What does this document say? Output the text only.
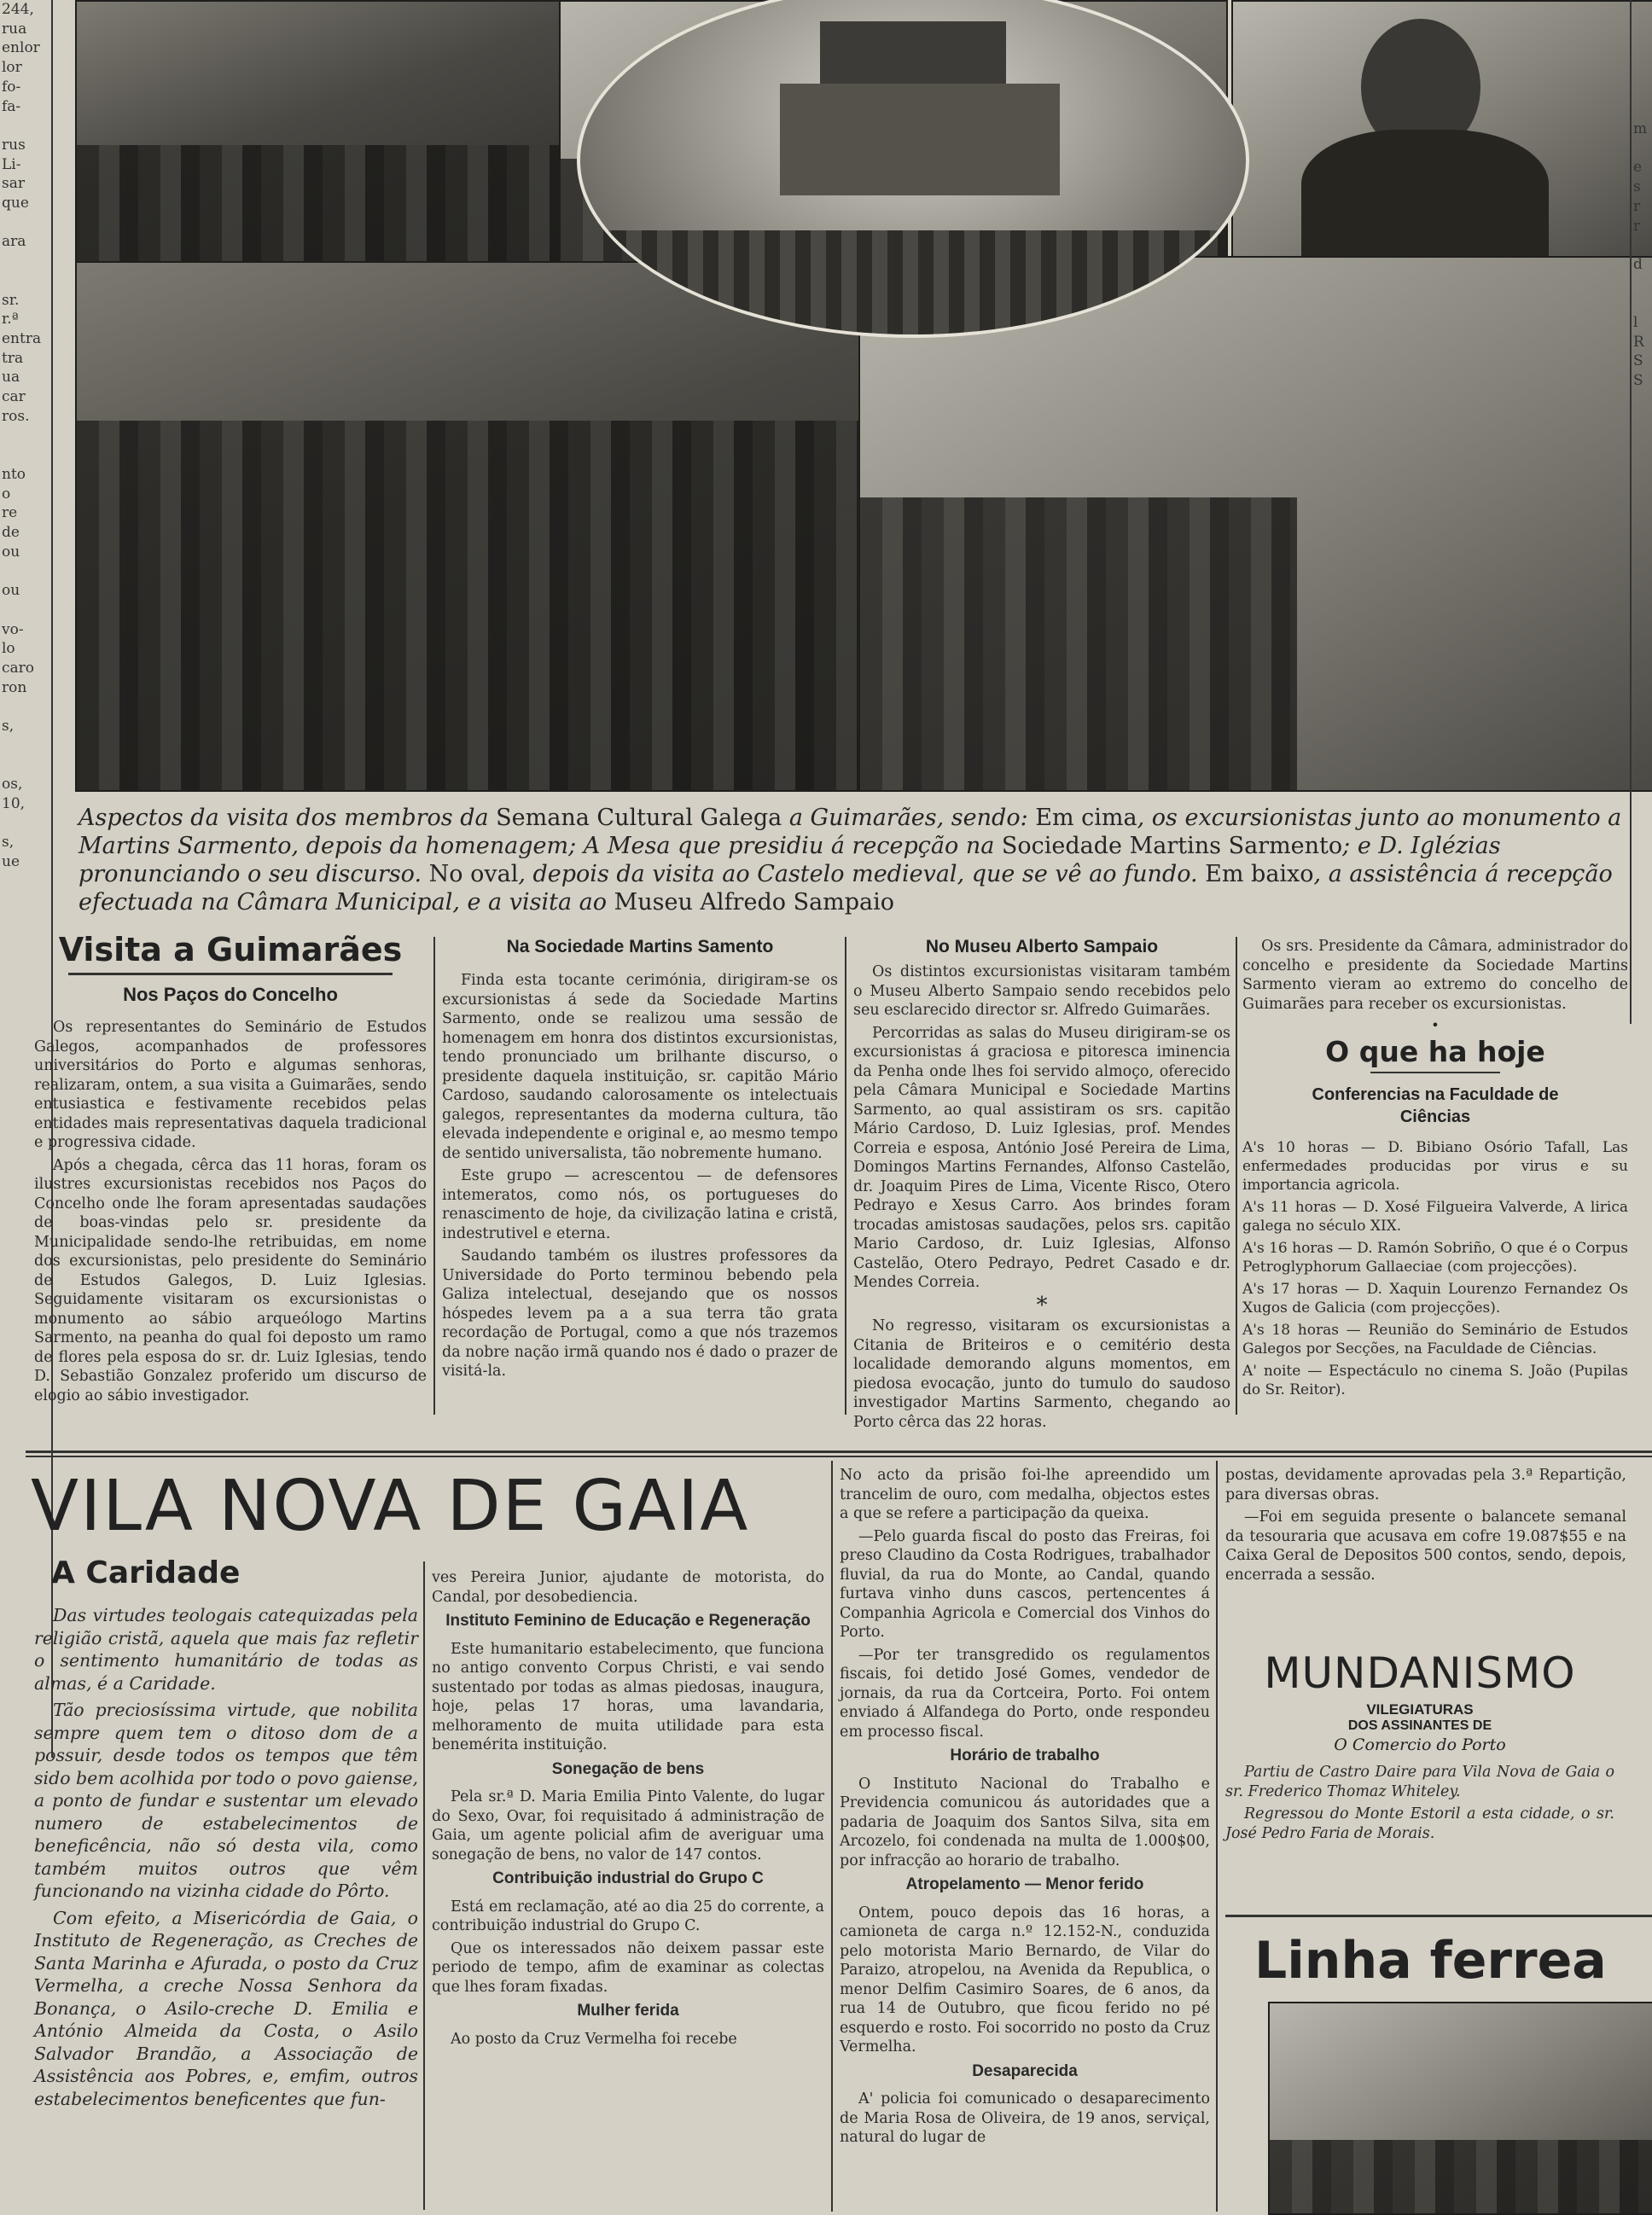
244,
rua
enlor
lor
fo-
fa-

rus
Li-
sar
que

ara

sr.
r.ª
entra
tra
ua
car
ros.

nto
o
re
de
ou

ou

vo-
lo
caro
ron

s,

os,
10,

s,
ue
m

e
s
r
r

d

l
R
S
S
Aspectos da visita dos membros da Semana Cultural Galega a Guimarães, sendo: Em cima, os excursionistas junto ao monumento a Martins Sarmento, depois da homenagem; A Mesa que presidiu á recepção na Sociedade Martins Sarmento; e D. Iglézias pronunciando o seu discurso. No oval, depois da visita ao Castelo medieval, que se vê ao fundo. Em baixo, a assistência á recepção efectuada na Câmara Municipal, e a visita ao Museu Alfredo Sampaio
Visita a Guimarães
Nos Paços do Concelho

Os representantes do Seminário de Estudos Galegos, acompanhados de professores universitários do Porto e algumas senhoras, realizaram, ontem, a sua visita a Guimarães, sendo entusiastica e festivamente recebidos pelas entidades mais representativas daquela tradicional e progressiva cidade.

Após a chegada, cêrca das 11 horas, foram os ilustres excursionistas recebidos nos Paços do Concelho onde lhe foram apresentadas saudações de boas-vindas pelo sr. presidente da Municipalidade sendo-lhe retribuidas, em nome dos excursionistas, pelo presidente do Seminário de Estudos Galegos, D. Luiz Iglesias. Seguidamente visitaram os excursionistas o monumento ao sábio arqueólogo Martins Sarmento, na peanha do qual foi deposto um ramo de flores pela esposa do sr. dr. Luiz Iglesias, tendo D. Sebastião Gonzalez proferido um discurso de elogio ao sábio investigador.

Na Sociedade Martins Samento

Finda esta tocante cerimónia, dirigiram-se os excursionistas á sede da Sociedade Martins Sarmento, onde se realizou uma sessão de homenagem em honra dos distintos excursionistas, tendo pronunciado um brilhante discurso, o presidente daquela instituição, sr. capitão Mário Cardoso, saudando calorosamente os intelectuais galegos, representantes da moderna cultura, tão elevada independente e original e, ao mesmo tempo de sentido universalista, tão nobremente humano.

Este grupo — acrescentou — de defensores intemeratos, como nós, os portugueses do renascimento de hoje, da civilização latina e cristã, indestrutivel e eterna.

Saudando também os ilustres professores da Universidade do Porto terminou bebendo pela Galiza intelectual, desejando que os nossos hóspedes levem pa a a sua terra tão grata recordação de Portugal, como a que nós trazemos da nobre nação irmã quando nos é dado o prazer de visitá-la.

No Museu Alberto Sampaio

Os distintos excursionistas visitaram também o Museu Alberto Sampaio sendo recebidos pelo seu esclarecido director sr. Alfredo Guimarães.

Percorridas as salas do Museu dirigiram-se os excursionistas á graciosa e pitoresca iminencia da Penha onde lhes foi servido almoço, oferecido pela Câmara Municipal e Sociedade Martins Sarmento, ao qual assistiram os srs. capitão Mário Cardoso, D. Luiz Iglesias, prof. Mendes Correia e esposa, António José Pereira de Lima, Domingos Martins Fernandes, Alfonso Castelão, dr. Joaquim Pires de Lima, Vicente Risco, Otero Pedrayo e Xesus Carro. Aos brindes foram trocadas amistosas saudações, pelos srs. capitão Mario Cardoso, dr. Luiz Iglesias, Alfonso Castelão, Otero Pedrayo, Pedret Casado e dr. Mendes Correia.

*

No regresso, visitaram os excursionistas a Citania de Briteiros e o cemitério desta localidade demorando alguns momentos, em piedosa evocação, junto do tumulo do saudoso investigador Martins Sarmento, chegando ao Porto cêrca das 22 horas.

Os srs. Presidente da Câmara, administrador do concelho e presidente da Sociedade Martins Sarmento vieram ao extremo do concelho de Guimarães para receber os excursionistas.

•
O que ha hoje
Conferencias na Faculdade de Ciências

A's 10 horas — D. Bibiano Osório Tafall, Las enfermedades producidas por virus e su importancia agricola.

A's 11 horas — D. Xosé Filgueira Valverde, A lirica galega no século XIX.

A's 16 horas — D. Ramón Sobriño, O que é o Corpus Petroglyphorum Gallaeciae (com projecções).

A's 17 horas — D. Xaquin Lourenzo Fernandez Os Xugos de Galicia (com projecções).

A's 18 horas — Reunião do Seminário de Estudos Galegos por Secções, na Faculdade de Ciências.

A' noite — Espectáculo no cinema S. João (Pupilas do Sr. Reitor).

VILA NOVA DE GAIA
A Caridade

Das virtudes teologais catequizadas pela religião cristã, aquela que mais faz refletir o sentimento humanitário de todas as almas, é a Caridade.

Tão preciosíssima virtude, que nobilita sempre quem tem o ditoso dom de a possuir, desde todos os tempos que têm sido bem acolhida por todo o povo gaiense, a ponto de fundar e sustentar um elevado numero de estabelecimentos de beneficência, não só desta vila, como também muitos outros que vêm funcionando na vizinha cidade do Pôrto.

Com efeito, a Misericórdia de Gaia, o Instituto de Regeneração, as Creches de Santa Marinha e Afurada, o posto da Cruz Vermelha, a creche Nossa Senhora da Bonança, o Asilo-creche D. Emilia e António Almeida da Costa, o Asilo Salvador Brandão, a Associação de Assistência aos Pobres, e, emfim, outros estabelecimentos beneficentes que fun-

ves Pereira Junior, ajudante de motorista, do Candal, por desobediencia.

Instituto Feminino de Educação e Regeneração

Este humanitario estabelecimento, que funciona no antigo convento Corpus Christi, e vai sendo sustentado por todas as almas piedosas, inaugura, hoje, pelas 17 horas, uma lavandaria, melhoramento de muita utilidade para esta benemérita instituição.

Sonegação de bens

Pela sr.ª D. Maria Emilia Pinto Valente, do lugar do Sexo, Ovar, foi requisitado á administração de Gaia, um agente policial afim de averiguar uma sonegação de bens, no valor de 147 contos.

Contribuição industrial do Grupo C

Está em reclamação, até ao dia 25 do corrente, a contribuição industrial do Grupo C.

Que os interessados não deixem passar este periodo de tempo, afim de examinar as colectas que lhes foram fixadas.

Mulher ferida

Ao posto da Cruz Vermelha foi recebe

No acto da prisão foi-lhe apreendido um trancelim de ouro, com medalha, objectos estes a que se refere a participação da queixa.

—Pelo guarda fiscal do posto das Freiras, foi preso Claudino da Costa Rodrigues, trabalhador fluvial, da rua do Monte, ao Candal, quando furtava vinho duns cascos, pertencentes á Companhia Agricola e Comercial dos Vinhos do Porto.

—Por ter transgredido os regulamentos fiscais, foi detido José Gomes, vendedor de jornais, da rua da Cortceira, Porto. Foi ontem enviado á Alfandega do Porto, onde respondeu em processo fiscal.

Horário de trabalho

O Instituto Nacional do Trabalho e Previdencia comunicou ás autoridades que a padaria de Joaquim dos Santos Silva, sita em Arcozelo, foi condenada na multa de 1.000$00, por infracção ao horario de trabalho.

Atropelamento — Menor ferido

Ontem, pouco depois das 16 horas, a camioneta de carga n.º 12.152-N., conduzida pelo motorista Mario Bernardo, de Vilar do Paraizo, atropelou, na Avenida da Republica, o menor Delfim Casimiro Soares, de 6 anos, da rua 14 de Outubro, que ficou ferido no pé esquerdo e rosto. Foi socorrido no posto da Cruz Vermelha.

Desaparecida

A' policia foi comunicado o desaparecimento de Maria Rosa de Oliveira, de 19 anos, serviçal, natural do lugar de

postas, devidamente aprovadas pela 3.ª Repartição, para diversas obras.

—Foi em seguida presente o balancete semanal da tesouraria que acusava em cofre 19.087$55 e na Caixa Geral de Depositos 500 contos, sendo, depois, encerrada a sessão.

MUNDANISMO
VILEGIATURAS
DOS ASSINANTES DE
O Comercio do Porto

Partiu de Castro Daire para Vila Nova de Gaia o sr. Frederico Thomaz Whiteley.

Regressou do Monte Estoril a esta cidade, o sr. José Pedro Faria de Morais.

Linha ferrea
